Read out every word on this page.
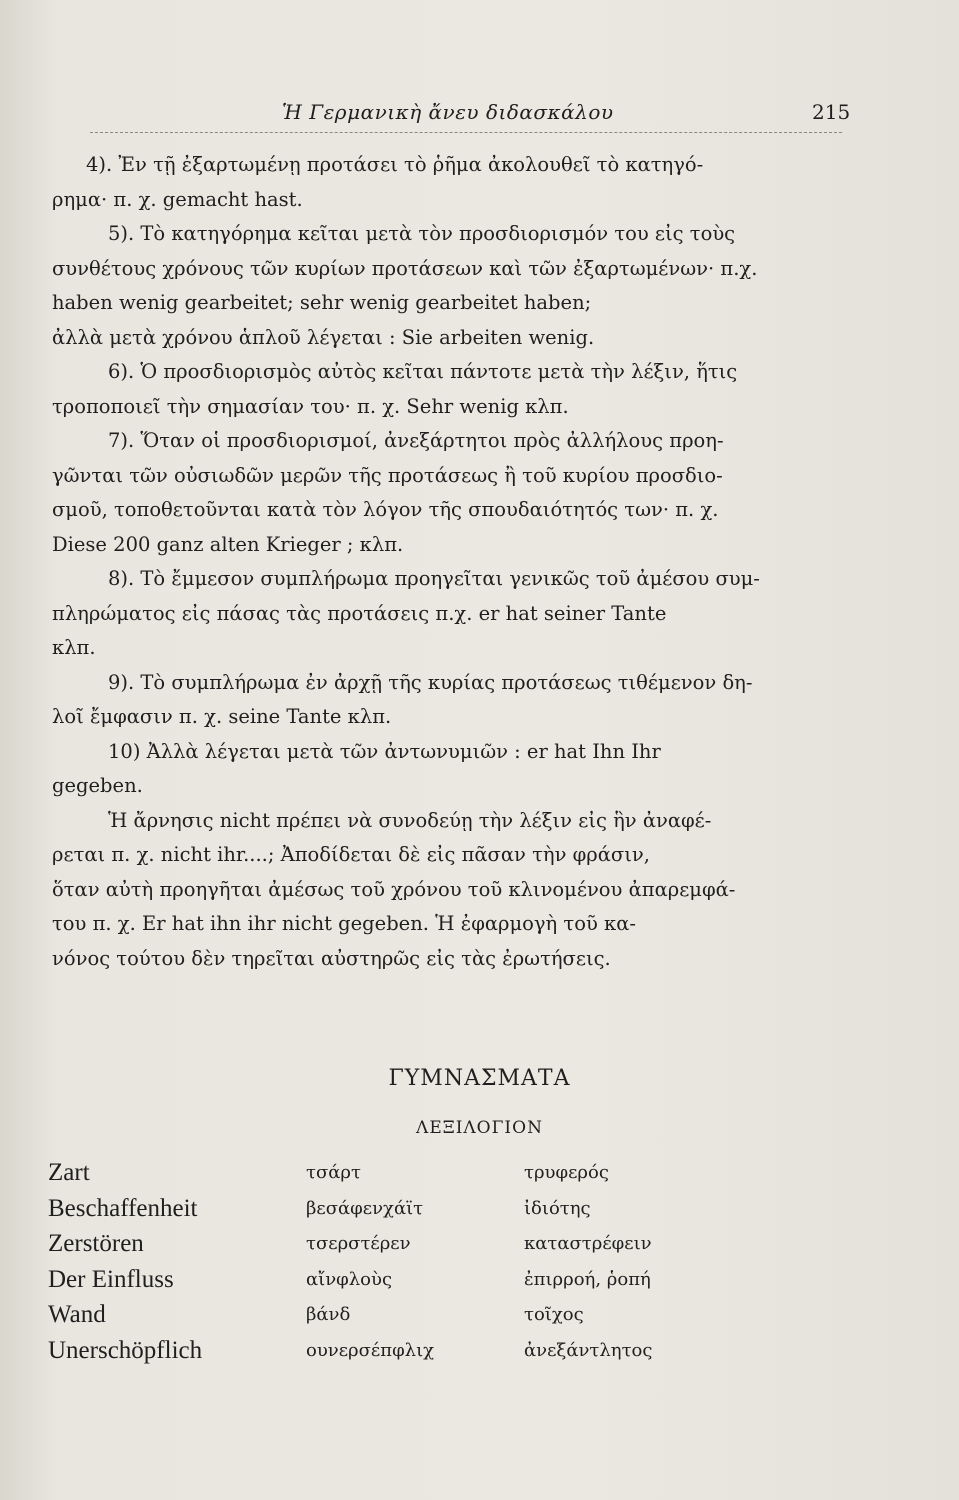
Ἡ Γερμανικὴ ἄνευ διδασκάλου	215
4). Ἐν τῇ ἐξαρτωμένῃ προτάσει τὸ ῥῆμα ἀκολουθεῖ τὸ κατηγό-
ρημα· π. χ. gemacht hast.
5). Τὸ κατηγόρημα κεῖται μετὰ τὸν προσδιορισμόν του εἰς τοὺς
συνθέτους χρόνους τῶν κυρίων προτάσεων καὶ τῶν ἐξαρτωμένων· π.χ.
haben wenig gearbeitet; sehr wenig gearbeitet haben;
ἀλλὰ μετὰ χρόνου ἁπλοῦ λέγεται : Sie arbeiten wenig.
6). Ὁ προσδιορισμὸς αὐτὸς κεῖται πάντοτε μετὰ τὴν λέξιν, ἥτις
τροποποιεῖ τὴν σημασίαν του· π. χ. Sehr wenig κλπ.
7). Ὅταν οἱ προσδιορισμοί, ἀνεξάρτητοι πρὸς ἀλλήλους προη-
γῶνται τῶν οὐσιωδῶν μερῶν τῆς προτάσεως ἢ τοῦ κυρίου προσδιο-
σμοῦ, τοποθετοῦνται κατὰ τὸν λόγον τῆς σπουδαιότητός των· π. χ.
Diese 200 ganz alten Krieger ; κλπ.
8). Τὸ ἔμμεσον συμπλήρωμα προηγεῖται γενικῶς τοῦ ἀμέσου συμ-
πληρώματος εἰς πάσας τὰς προτάσεις π.χ. er hat seiner Tante
κλπ.
9). Τὸ συμπλήρωμα ἐν ἀρχῇ τῆς κυρίας προτάσεως τιθέμενον δη-
λοῖ ἔμφασιν π. χ. seine Tante κλπ.
10) Ἀλλὰ λέγεται μετὰ τῶν ἀντωνυμιῶν : er hat Ihn Ihr
gegeben.
Ἡ ἄρνησις nicht πρέπει νὰ συνοδεύῃ τὴν λέξιν εἰς ἣν ἀναφέ-
ρεται π. χ. nicht ihr....; Ἀποδίδεται δὲ εἰς πᾶσαν τὴν φράσιν,
ὅταν αὐτὴ προηγῆται ἀμέσως τοῦ χρόνου τοῦ κλινομένου ἀπαρεμφά-
του π. χ. Er hat ihn ihr nicht gegeben. Ἡ ἐφαρμογὴ τοῦ κα-
νόνος τούτου δὲν τηρεῖται αὐστηρῶς εἰς τὰς ἐρωτήσεις.
ΓΥΜΝΑΣΜΑΤΑ
ΛΕΞΙΛΟΓΙΟΝ
Zart	τσάρτ	τρυφερός
Beschaffenheit	βεσάφενχάϊτ	ἰδιότης
Zerstören	τσερστέρεν	καταστρέφειν
Der Einfluss	αἴνφλοὺς	ἐπιρροή, ῥοπή
Wand	βάνδ	τοῖχος
Unerschöpflich	ουνερσέπφλιχ	ἀνεξάντλητος
